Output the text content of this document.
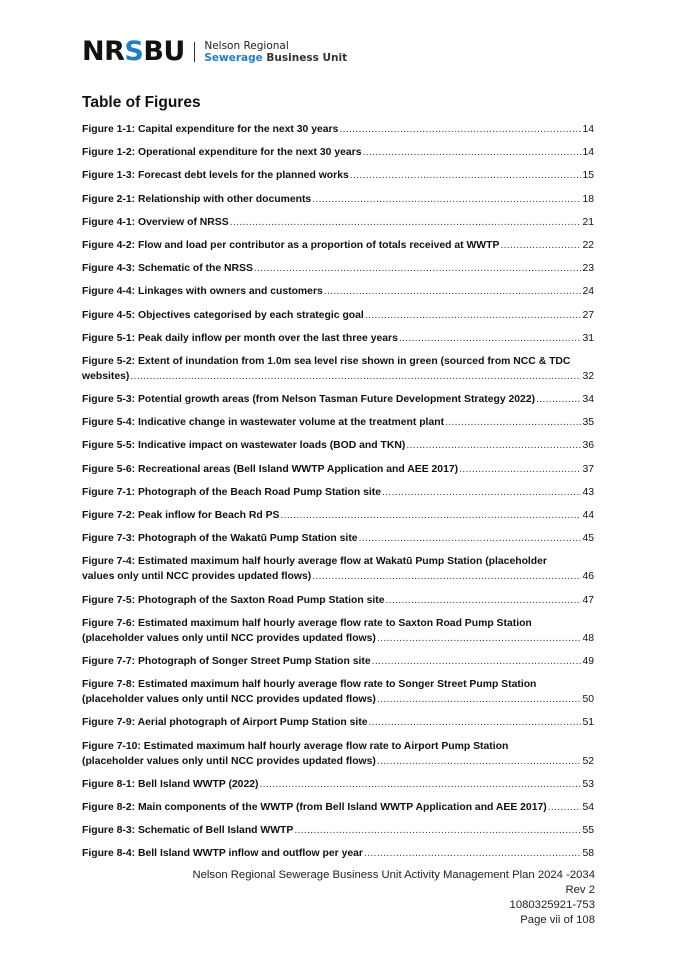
NRSBU Nelson Regional
Sewerage Business Unit
Table of Figures
Figure 1-1: Capital expenditure for the next 30 years .....	14
Figure 1-2: Operational expenditure for the next 30 years .....	14
Figure 1-3: Forecast debt levels for the planned works .....	15
Figure 2-1: Relationship with other documents .....	18
Figure 4-1: Overview of NRSS .....	21
Figure 4-2: Flow and load per contributor as a proportion of totals received at WWTP .....	22
Figure 4-3: Schematic of the NRSS .....	23
Figure 4-4: Linkages with owners and customers .....	24
Figure 4-5: Objectives categorised by each strategic goal .....	27
Figure 5-1: Peak daily inflow per month over the last three years .....	31
Figure 5-2: Extent of inundation from 1.0m sea level rise shown in green (sourced from NCC & TDC
websites) .....	32
Figure 5-3: Potential growth areas (from Nelson Tasman Future Development Strategy 2022) .....	34
Figure 5-4: Indicative change in wastewater volume at the treatment plant .....	35
Figure 5-5: Indicative impact on wastewater loads (BOD and TKN) .....	36
Figure 5-6: Recreational areas (Bell Island WWTP Application and AEE 2017) .....	37
Figure 7-1: Photograph of the Beach Road Pump Station site .....	43
Figure 7-2: Peak inflow for Beach Rd PS .....	44
Figure 7-3: Photograph of the Wakatū Pump Station site .....	45
Figure 7-4: Estimated maximum half hourly average flow at Wakatū Pump Station (placeholder
values only until NCC provides updated flows) .....	46
Figure 7-5: Photograph of the Saxton Road Pump Station site .....	47
Figure 7-6: Estimated maximum half hourly average flow rate to Saxton Road Pump Station
(placeholder values only until NCC provides updated flows) .....	48
Figure 7-7: Photograph of Songer Street Pump Station site .....	49
Figure 7-8: Estimated maximum half hourly average flow rate to Songer Street Pump Station
(placeholder values only until NCC provides updated flows) .....	50
Figure 7-9: Aerial photograph of Airport Pump Station site .....	51
Figure 7-10: Estimated maximum half hourly average flow rate to Airport Pump Station
(placeholder values only until NCC provides updated flows) .....	52
Figure 8-1: Bell Island WWTP (2022) .....	53
Figure 8-2: Main components of the WWTP (from Bell Island WWTP Application and AEE 2017) .....	54
Figure 8-3: Schematic of Bell Island WWTP .....	55
Figure 8-4: Bell Island WWTP inflow and outflow per year .....	58
Nelson Regional Sewerage Business Unit Activity Management Plan 2024 -2034
Rev 2
1080325921-753
Page vii of 108
